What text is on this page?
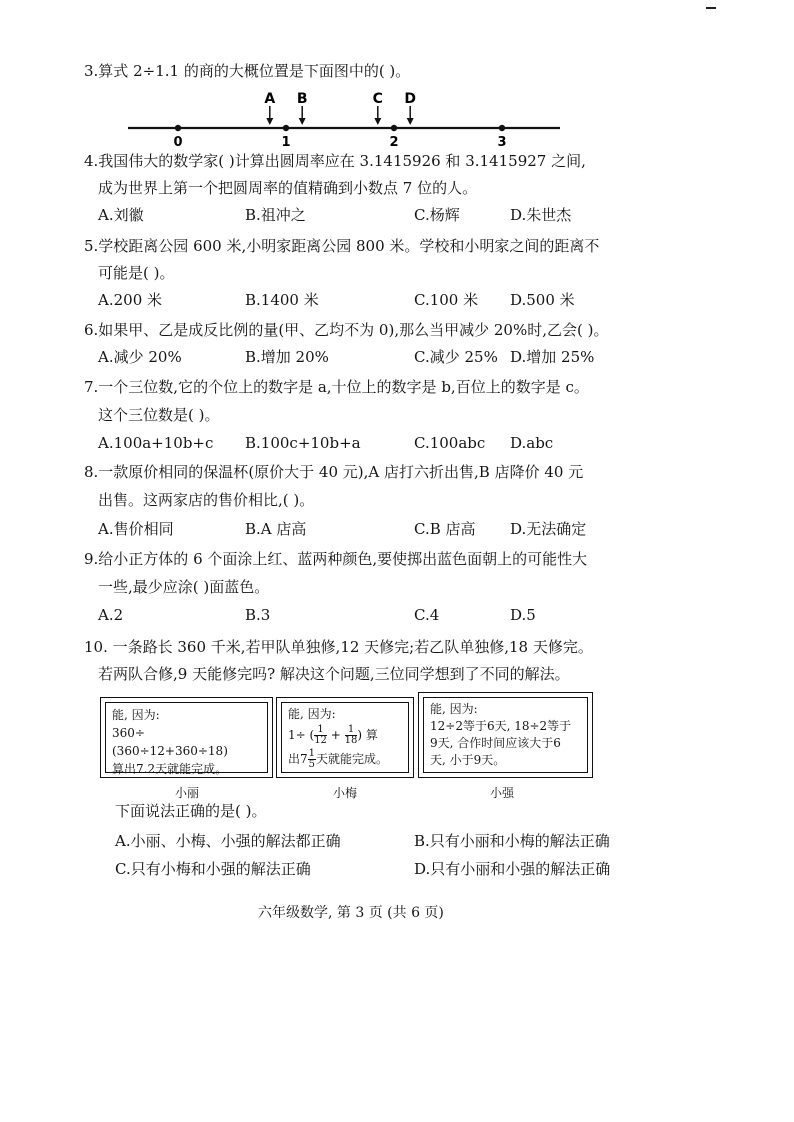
3.算式 2÷1.1 的商的大概位置是下面图中的( )。
0	1	2	3
A B	C D
4.我国伟大的数学家( )计算出圆周率应在 3.1415926 和 3.1415927 之间,
成为世界上第一个把圆周率的值精确到小数点 7 位的人。
A.刘徽	B.祖冲之	C.杨辉	D.朱世杰
5.学校距离公园 600 米,小明家距离公园 800 米。学校和小明家之间的距离不
可能是( )。
A.200 米	B.1400 米	C.100 米 D.500 米
6.如果甲、乙是成反比例的量(甲、乙均不为 0),那么当甲减少 20%时,乙会( )。
A.减少 20%	B.增加 20%	C.减少 25% D.增加 25%
7.一个三位数,它的个位上的数字是 a,十位上的数字是 b,百位上的数字是 c。
这个三位数是( )。
A.100a+10b+c B.100c+10b+a	C.100abc D.abc
8.一款原价相同的保温杯(原价大于 40 元),A 店打六折出售,B 店降价 40 元
出售。这两家店的售价相比,( )。
A.售价相同	B.A 店高	C.B 店高 D.无法确定
9.给小正方体的 6 个面涂上红、蓝两种颜色,要使掷出蓝色面朝上的可能性大
一些,最少应涂( )面蓝色。
A.2	B.3	C.4	D.5
10. 一条路长 360 千米,若甲队单独修,12 天修完;若乙队单独修,18 天修完。
若两队合修,9 天能修完吗? 解决这个问题,三位同学想到了不同的解法。
能, 因为:
360÷ (360÷12+360÷18)
算出7.2天就能完成。
小丽
能, 因为:
1÷ ( $\frac{1}{12} + \frac{1}{18}$ ) 算
出$7 \frac{1}{5}$ 天就能完成。
小梅
能, 因为:
12÷2等于6天, 18÷2等于
9天, 合作时间应该大于6
天, 小于9天。
小强
下面说法正确的是( )。
A.小丽、小梅、小强的解法都正确	B.只有小丽和小梅的解法正确
C.只有小梅和小强的解法正确	D.只有小丽和小强的解法正确
六年级数学, 第 3 页 (共 6 页)
